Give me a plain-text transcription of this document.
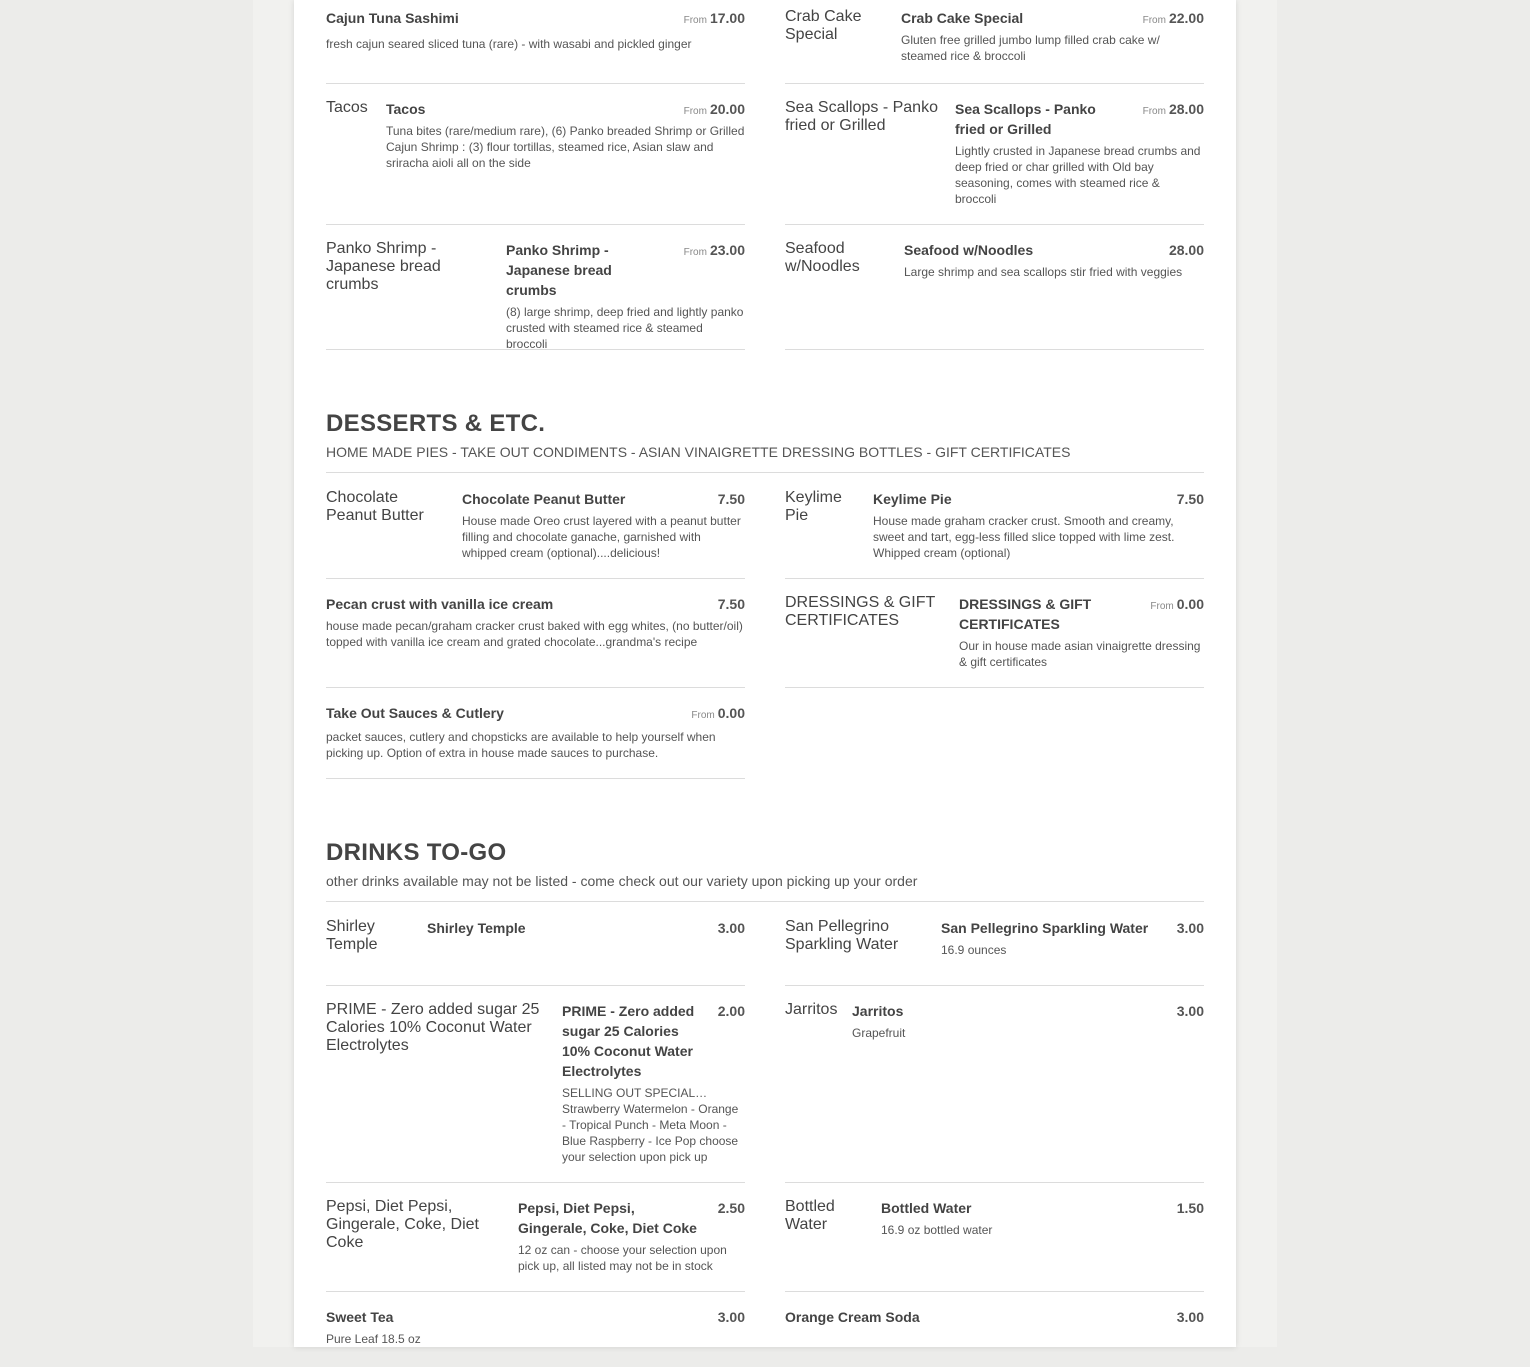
Cajun Tuna Sashimi	From 17.00
fresh cajun seared sliced tuna (rare) - with wasabi and pickled ginger
Crab Cake Special
Crab Cake Special	From 22.00
Gluten free grilled jumbo lump filled crab cake w/ steamed rice & broccoli
Tacos	Tacos	From 20.00
Tuna bites (rare/medium rare), (6) Panko breaded Shrimp or Grilled Cajun Shrimp : (3) flour tortillas, steamed rice, Asian slaw and sriracha aioli all on the side
Sea Scallops - Panko fried or Grilled
Sea Scallops - Panko fried or Grilled
From 28.00
Lightly crusted in Japanese bread crumbs and deep fried or char grilled with Old bay seasoning, comes with steamed rice & broccoli
Panko Shrimp - Japanese bread crumbs
Panko Shrimp - Japanese bread crumbs
From 23.00
(8) large shrimp, deep fried and lightly panko crusted with steamed rice & steamed broccoli
Seafood w/Noodles
Seafood w/Noodles	28.00
Large shrimp and sea scallops stir fried with veggies
DESSERTS & ETC.
HOME MADE PIES - TAKE OUT CONDIMENTS - ASIAN VINAIGRETTE DRESSING BOTTLES - GIFT CERTIFICATES
Chocolate Peanut Butter
Chocolate Peanut Butter	7.50
House made Oreo crust layered with a peanut butter filling and chocolate ganache, garnished with whipped cream (optional)....delicious!
Keylime Pie
Keylime Pie	7.50
House made graham cracker crust. Smooth and creamy, sweet and tart, egg-less filled slice topped with lime zest. Whipped cream (optional)
Pecan crust with vanilla ice cream	7.50
house made pecan/graham cracker crust baked with egg whites, (no butter/oil) topped with vanilla ice cream and grated chocolate...grandma's recipe
DRESSINGS & GIFT CERTIFICATES
DRESSINGS & GIFT CERTIFICATES
From 0.00
Our in house made asian vinaigrette dressing & gift certificates
Take Out Sauces & Cutlery	From 0.00
packet sauces, cutlery and chopsticks are available to help yourself when picking up. Option of extra in house made sauces to purchase.
DRINKS TO-GO
other drinks available may not be listed - come check out our variety upon picking up your order
Shirley Temple
Shirley Temple	3.00	San Pellegrino Sparkling Water
San Pellegrino Sparkling Water	3.00
16.9 ounces
PRIME - Zero added sugar 25 Calories 10% Coconut Water Electrolytes
PRIME - Zero added sugar 25 Calories 10% Coconut Water Electrolytes
2.00
SELLING OUT SPECIAL… Strawberry Watermelon - Orange - Tropical Punch - Meta Moon - Blue Raspberry - Ice Pop choose your selection upon pick up
Jarritos Jarritos	3.00
Grapefruit
Pepsi, Diet Pepsi, Gingerale, Coke, Diet Coke
Pepsi, Diet Pepsi, Gingerale, Coke, Diet Coke
2.50
12 oz can - choose your selection upon pick up, all listed may not be in stock
Bottled Water
Bottled Water	1.50
16.9 oz bottled water
Sweet Tea	3.00
Pure Leaf 18.5 oz
Orange Cream Soda	3.00
